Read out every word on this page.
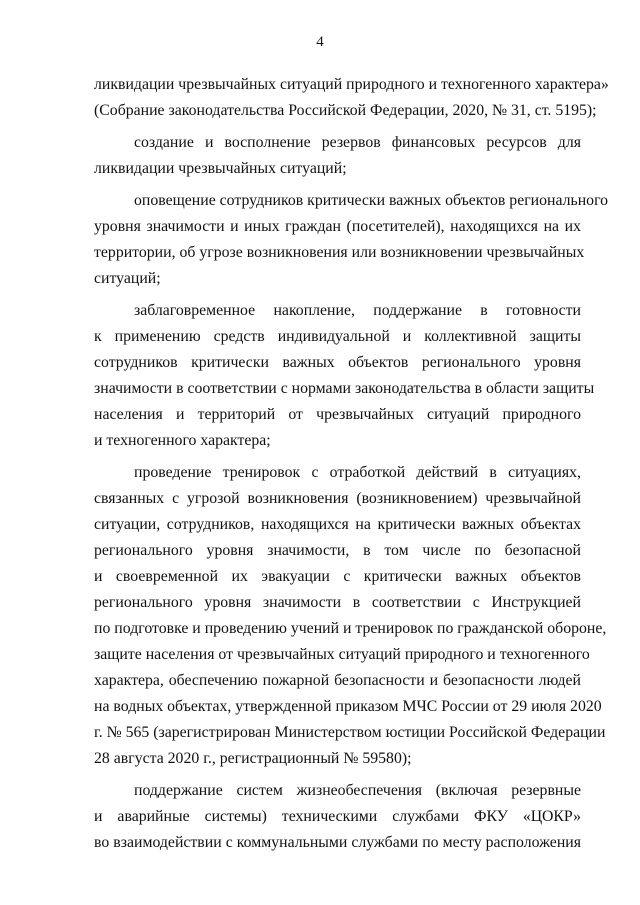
4
ликвидации чрезвычайных ситуаций природного и техногенного характера»
(Собрание законодательства Российской Федерации, 2020, № 31, ст. 5195);
создание и восполнение резервов финансовых ресурсов для
ликвидации чрезвычайных ситуаций;
оповещение сотрудников критически важных объектов регионального
уровня значимости и иных граждан (посетителей), находящихся на их
территории, об угрозе возникновения или возникновении чрезвычайных
ситуаций;
заблаговременное накопление, поддержание в готовности
к применению средств индивидуальной и коллективной защиты
сотрудников критически важных объектов регионального уровня
значимости в соответствии с нормами законодательства в области защиты
населения и территорий от чрезвычайных ситуаций природного
и техногенного характера;
проведение тренировок с отработкой действий в ситуациях,
связанных с угрозой возникновения (возникновением) чрезвычайной
ситуации, сотрудников, находящихся на критически важных объектах
регионального уровня значимости, в том числе по безопасной
и своевременной их эвакуации с критически важных объектов
регионального уровня значимости в соответствии с Инструкцией
по подготовке и проведению учений и тренировок по гражданской обороне,
защите населения от чрезвычайных ситуаций природного и техногенного
характера, обеспечению пожарной безопасности и безопасности людей
на водных объектах, утвержденной приказом МЧС России от 29 июля 2020
г. № 565 (зарегистрирован Министерством юстиции Российской Федерации
28 августа 2020 г., регистрационный № 59580);
поддержание систем жизнеобеспечения (включая резервные
и аварийные системы) техническими службами ФКУ «ЦОКР»
во взаимодействии с коммунальными службами по месту расположения
